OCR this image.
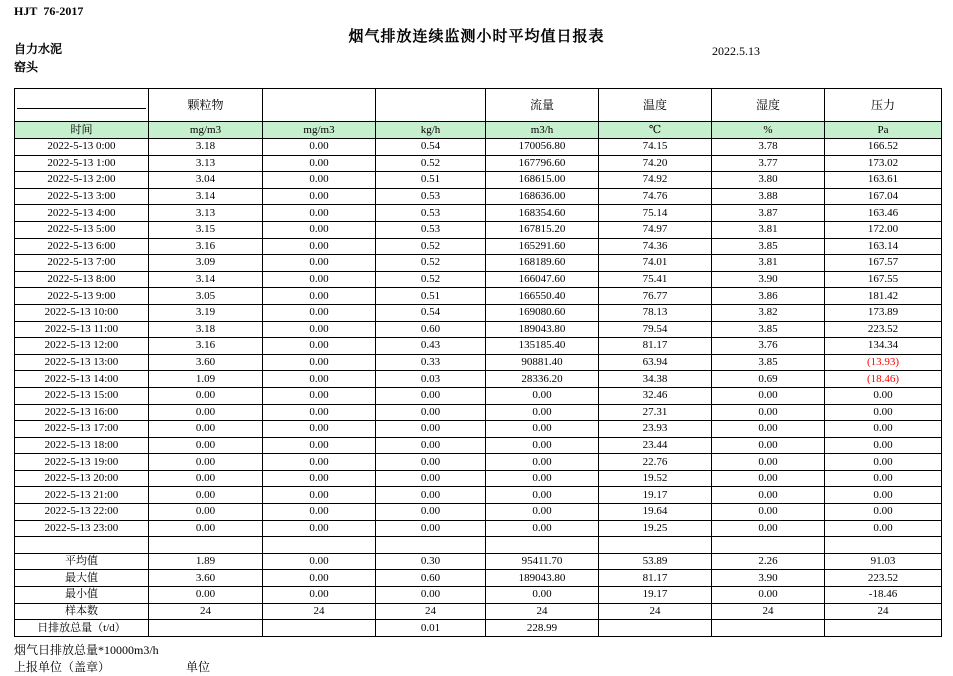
HJT  76-2017
烟气排放连续监测小时平均值日报表
2022.5.13
自力水泥
窑头
	颗粒物			流量	温度	湿度	压力
时间	mg/m3	mg/m3	kg/h	m3/h	℃	%	Pa
2022-5-13 0:00	3.18	0.00	0.54	170056.80	74.15	3.78	166.52
2022-5-13 1:00	3.13	0.00	0.52	167796.60	74.20	3.77	173.02
2022-5-13 2:00	3.04	0.00	0.51	168615.00	74.92	3.80	163.61
2022-5-13 3:00	3.14	0.00	0.53	168636.00	74.76	3.88	167.04
2022-5-13 4:00	3.13	0.00	0.53	168354.60	75.14	3.87	163.46
2022-5-13 5:00	3.15	0.00	0.53	167815.20	74.97	3.81	172.00
2022-5-13 6:00	3.16	0.00	0.52	165291.60	74.36	3.85	163.14
2022-5-13 7:00	3.09	0.00	0.52	168189.60	74.01	3.81	167.57
2022-5-13 8:00	3.14	0.00	0.52	166047.60	75.41	3.90	167.55
2022-5-13 9:00	3.05	0.00	0.51	166550.40	76.77	3.86	181.42
2022-5-13 10:00	3.19	0.00	0.54	169080.60	78.13	3.82	173.89
2022-5-13 11:00	3.18	0.00	0.60	189043.80	79.54	3.85	223.52
2022-5-13 12:00	3.16	0.00	0.43	135185.40	81.17	3.76	134.34
2022-5-13 13:00	3.60	0.00	0.33	90881.40	63.94	3.85	(13.93)
2022-5-13 14:00	1.09	0.00	0.03	28336.20	34.38	0.69	(18.46)
2022-5-13 15:00	0.00	0.00	0.00	0.00	32.46	0.00	0.00
2022-5-13 16:00	0.00	0.00	0.00	0.00	27.31	0.00	0.00
2022-5-13 17:00	0.00	0.00	0.00	0.00	23.93	0.00	0.00
2022-5-13 18:00	0.00	0.00	0.00	0.00	23.44	0.00	0.00
2022-5-13 19:00	0.00	0.00	0.00	0.00	22.76	0.00	0.00
2022-5-13 20:00	0.00	0.00	0.00	0.00	19.52	0.00	0.00
2022-5-13 21:00	0.00	0.00	0.00	0.00	19.17	0.00	0.00
2022-5-13 22:00	0.00	0.00	0.00	0.00	19.64	0.00	0.00
2022-5-13 23:00	0.00	0.00	0.00	0.00	19.25	0.00	0.00

平均值	1.89	0.00	0.30	95411.70	53.89	2.26	91.03
最大值	3.60	0.00	0.60	189043.80	81.17	3.90	223.52
最小值	0.00	0.00	0.00	0.00	19.17	0.00	-18.46
样本数	24	24	24	24	24	24	24
日排放总量（t/d）			0.01	228.99			
烟气日排放总量*10000m3/h
上报单位（盖章）	单位
